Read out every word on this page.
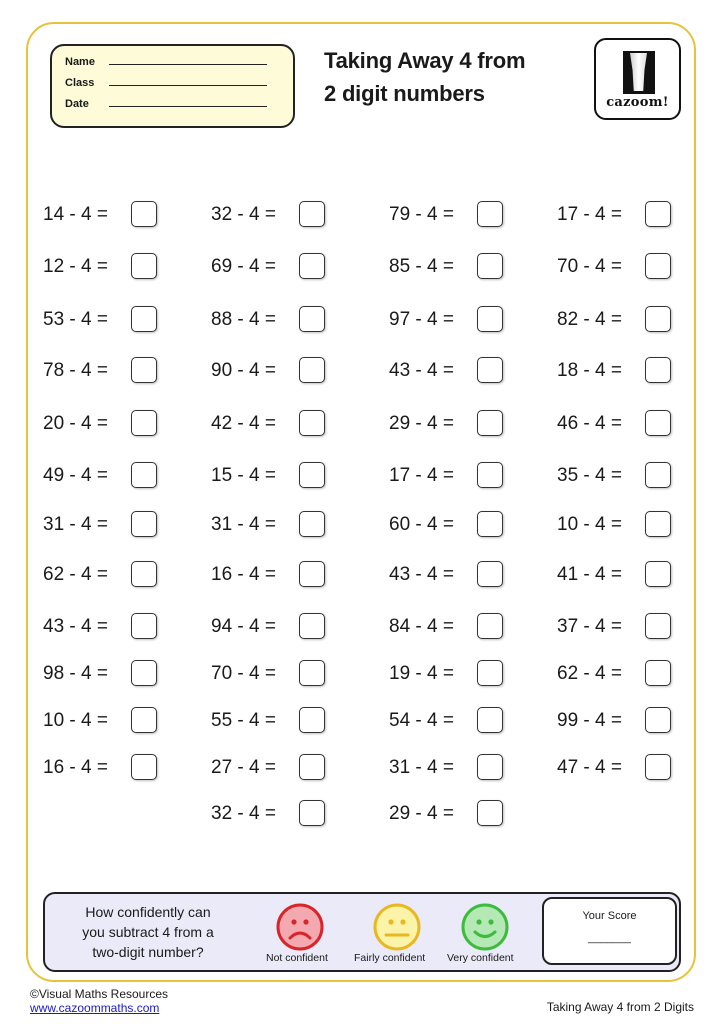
Name
Class
Date
Taking Away 4 from
2 digit numbers	cazoom!
14 - 4 =
12 - 4 =
53 - 4 =
78 - 4 =
20 - 4 =
49 - 4 =
31 - 4 =
62 - 4 =
43 - 4 =
98 - 4 =
10 - 4 =
16 - 4 =
32 - 4 =
69 - 4 =
88 - 4 =
90 - 4 =
42 - 4 =
15 - 4 =
31 - 4 =
16 - 4 =
94 - 4 =
70 - 4 =
55 - 4 =
27 - 4 =
32 - 4 =
79 - 4 =
85 - 4 =
97 - 4 =
43 - 4 =
29 - 4 =
17 - 4 =
60 - 4 =
43 - 4 =
84 - 4 =
19 - 4 =
54 - 4 =
31 - 4 =
29 - 4 =
17 - 4 =
70 - 4 =
82 - 4 =
18 - 4 =
46 - 4 =
35 - 4 =
10 - 4 =
41 - 4 =
37 - 4 =
62 - 4 =
99 - 4 =
47 - 4 =
How confidently can you subtract 4 from a two-digit number?	Not confident Fairly confident Very confident
Your Score
_______
©Visual Maths Resources
www.cazoommaths.com	Taking Away 4 from 2 Digits
